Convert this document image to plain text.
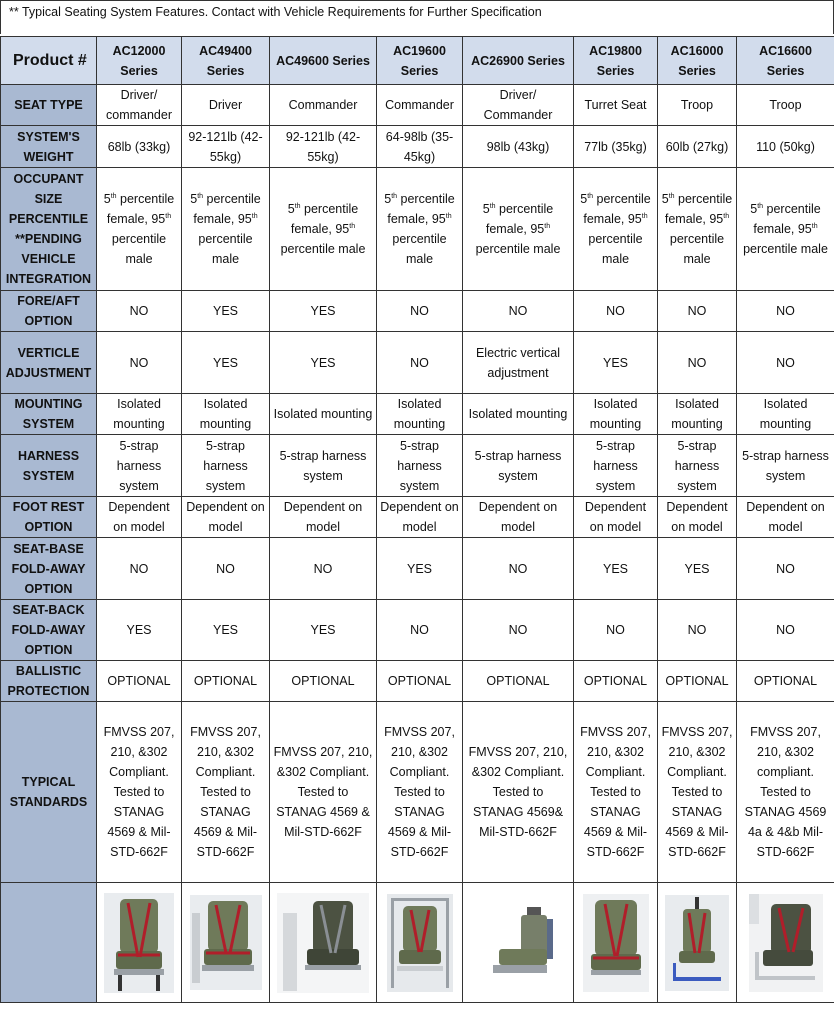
** Typical Seating System Features. Contact with Vehicle Requirements for Further Specification
Product #	AC12000 Series	AC49400 Series	AC49600 Series	AC19600 Series	AC26900 Series	AC19800 Series	AC16000 Series	AC16600 Series
SEAT TYPE	Driver/ commander	Driver	Commander	Commander	Driver/ Commander	Turret Seat	Troop	Troop
SYSTEM'S WEIGHT	68lb (33kg)	92-121lb (42-55kg)	92-121lb (42-55kg)	64-98lb (35-45kg)	98lb (43kg)	77lb (35kg)	60lb (27kg)	110 (50kg)
OCCUPANT SIZE PERCENTILE **PENDING VEHICLE INTEGRATION	5th percentile female, 95th percentile male	5th percentile female, 95th percentile male	5th percentile female, 95th percentile male	5th percentile female, 95th percentile male	5th percentile female, 95th percentile male	5th percentile female, 95th percentile male	5th percentile female, 95th percentile male	5th percentile female, 95th percentile male
FORE/AFT OPTION	NO	YES	YES	NO	NO	NO	NO	NO
VERTICLE ADJUSTMENT	NO	YES	YES	NO	Electric vertical adjustment	YES	NO	NO
MOUNTING SYSTEM	Isolated mounting	Isolated mounting	Isolated mounting	Isolated mounting	Isolated mounting	Isolated mounting	Isolated mounting	Isolated mounting
HARNESS SYSTEM	5-strap harness system	5-strap harness system	5-strap harness system	5-strap harness system	5-strap harness system	5-strap harness system	5-strap harness system	5-strap harness system
FOOT REST OPTION	Dependent on model	Dependent on model	Dependent on model	Dependent on model	Dependent on model	Dependent on model	Dependent on model	Dependent on model
SEAT-BASE FOLD-AWAY OPTION	NO	NO	NO	YES	NO	YES	YES	NO
SEAT-BACK FOLD-AWAY OPTION	YES	YES	YES	NO	NO	NO	NO	NO
BALLISTIC PROTECTION	OPTIONAL	OPTIONAL	OPTIONAL	OPTIONAL	OPTIONAL	OPTIONAL	OPTIONAL	OPTIONAL
TYPICAL STANDARDS	FMVSS 207, 210, &302 Compliant. Tested to STANAG 4569 & Mil-STD-662F	FMVSS 207, 210, &302 Compliant. Tested to STANAG 4569 & Mil-STD-662F	FMVSS 207, 210, &302 Compliant. Tested to STANAG 4569 & Mil-STD-662F	FMVSS 207, 210, &302 Compliant. Tested to STANAG 4569 & Mil-STD-662F	FMVSS 207, 210, &302 Compliant. Tested to STANAG 4569& Mil-STD-662F	FMVSS 207, 210, &302 Compliant. Tested to STANAG 4569 & Mil-STD-662F	FMVSS 207, 210, &302 Compliant. Tested to STANAG 4569 & Mil-STD-662F	FMVSS 207, 210, &302 compliant. Tested to STANAG 4569 4a & 4&b Mil-STD-662F
